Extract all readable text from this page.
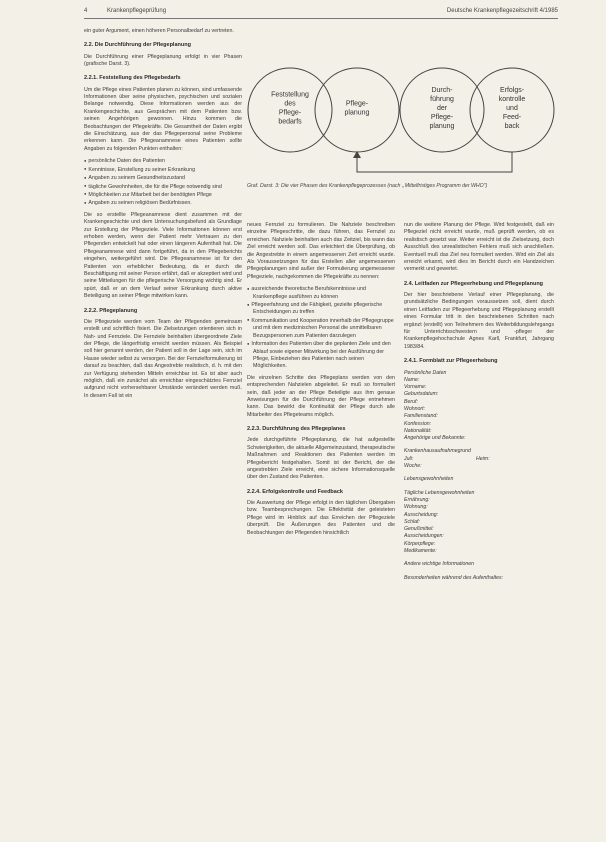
4	Krankenpflegeprüfung	Deutsche Krankenpflegezeitschrift 4/1985

ein guter Argument, einen höheren Personalbedarf zu vertreten.

2.2. Die Durchführung der Pflegeplanung

Die Durchführung einer Pflegeplanung erfolgt in vier Phasen (grafische Darst. 3).

2.2.1. Feststellung des Pflegebedarfs

Um die Pflege eines Patienten planen zu können, sind umfassende Informationen über seine physischen, psychischen und sozialen Belange notwendig. Diese Informationen werden aus der Krankengeschichte, aus Gesprächen mit dem Patienten bzw. seinen Angehörigen gewonnen. Hinzu kommen die Beobachtungen der Pflegekräfte. Die Gesamtheit der Daten ergibt die Einschätzung, aus der das Pflegepersonal seine Probleme erkennen kann. Die Pflegeanamnese eines Patienten sollte Angaben zu folgenden Punkten enthalten:

● persönliche Daten des Patienten
● Kenntnisse, Einstellung zu seiner Erkrankung
● Angaben zu seinem Gesundheitszustand
● tägliche Gewohnheiten, die für die Pflege notwendig sind
● Möglichkeiten zur Mitarbeit bei der benötigten Pflege
● Angaben zu seinen religiösen Bedürfnissen.

Die so erstellte Pflegeanamnese dient zusammen mit der Krankengeschichte und dem Untersuchungsbefund als Grundlage zur Erstellung der Pflegeziele. Viele Informationen können erst erhoben werden, wenn der Patient mehr Vertrauen zu den Pflegenden entwickelt hat oder einen längeren Aufenthalt hat. Die Pflegeanamnese wird dann fortgeführt, da in den Pflegeberichts eingehen, weitergeführt wird. Die Pflegeanamnese ist für den Patienten von erheblicher Bedeutung, da er durch die Beschäftigung mit seiner Person erfährt, daß er akzeptiert wird und seine Mitteilungen für die pflegerische Versorgung wichtig sind. Er spürt, daß er an dem Verlauf seiner Erkrankung durch aktive Beteiligung an seiner Pflege mitwirken kann.

2.2.2. Pflegeplanung

Die Pflegeziele werden vom Team der Pflegenden gemeinsam erstellt und schriftlich fixiert. Die Zielsetzungen orientieren sich in Nah- und Fernziele. Die Fernziele beinhalten übergeordnete Ziele der Pflege, die längerfristig erreicht werden müssen. Als Beispiel soll hier genannt werden, der Patient soll in der Lage sein, sich im Hause wieder selbst zu versorgen. Bei der Fernzielformulierung ist darauf zu beachten, daß das Angestrebte realistisch, d. h. mit den zur Verfügung stehenden Mitteln erreichbar ist. Es ist aber auch möglich, daß ein zunächst als erreichbar eingeschätztes Fernziel aufgrund nicht vorhersehbarer Umstände verändert werden muß. In diesem Fall ist ein

Feststellung des Pflege-bedarfs
Pflege-planung
Durch-führung der Pflege-planung
Erfolgs-kontrolle und Feed-back
Graf. Darst. 3: Die vier Phasen des Krankenpflegeprozesses (nach ,,Mittelfristiges Programm der WHO")

neues Fernziel zu formulieren. Die Nahziele beschreiben einzelne Pflegeschritte, die dazu führen, das Fernziel zu erreichen. Nahziele beinhalten auch das Zeitziel, bis wann das Ziel erreicht werden soll. Das erleichtert die Überprüfung, ob die Angestrebte in einem angemessenen Zeit erreicht wurde. Als Voraussetzungen für das Erstellen aller angemessenen Pflegeplanungen sind außer der Formulierung angemessener Pflegeziele, nachgekommen die Pflegekräfte zu nennen:

● ausreichende theoretische Berufskenntnisse und Krankenpflege ausführen zu können
● Pflegeerfahrung und die Fähigkeit, gezielte pflegerische Entscheidungen zu treffen
● Kommunikation und Kooperation innerhalb der Pflegegruppe und mit dem medizinischen Personal die unmittelbaren Bezugspersonen zum Patienten darzulegen
● Information des Patienten über die geplanten Ziele und den Ablauf sowie eigener Mitwirkung bei der Ausführung der Pflege, Einbeziehen des Patienten nach seinen Möglichkeiten.

Die einzelnen Schritte des Pflegeplans werden von den entsprechenden Nahzielen abgeleitet. Er muß so formuliert sein, daß jeder an der Pflege Beteiligte aus ihm genaue Anweisungen für die Durchführung der Pflege entnehmen kann. Das bewirkt die Kontinuität der Pflege durch alle Mitarbeiter des Pflegeteams möglich.

2.2.3. Durchführung des Pflegeplanes

Jede durchgeführte Pflegeplanung, die hat aufgestellte Schwierigkeiten, die aktuelle Allgemeinzustand, therapeutische Maßnahmen und Reaktionen des Patienten werden im Pflegebericht festgehalten. Somit ist der Bericht, der die angestrebten Ziele erreicht, eine sichere Informationsquelle über den Zustand des Patienten.

2.2.4. Erfolgskontrolle und Feedback

Die Auswertung der Pflege erfolgt in den täglichen Übergaben bzw. Teambesprechungen. Die Effektivität der geleisteten Pflege wird im Hinblick auf das Erreichen der Pflegeziele überprüft. Die Äußerungen des Patienten und die Beobachtungen der Pflegenden hinsichtlich

nun die weitere Planung der Pflege. Wird festgestellt, daß ein Pflegeziel nicht erreicht wurde, muß geprüft werden, ob es realistisch gesetzt war. Weiter erreicht ist die Zielsetzung, doch Ausschluß des unrealistischen Fehlers muß sich anschließen. Eventuell muß das Ziel neu formuliert werden. Wird ein Ziel als erreicht erkannt, wird dies im Bericht durch ein Handzeichen vermerkt und gewertet.

2.4. Leitfaden zur Pflegeerhebung und Pflegeplanung

Der hier beschriebene Verlauf einer Pflegeplanung, die grundsätzliche Bedingungen voraussetzen soll, dient durch einen Leitfaden zur Pflegeerhebung und Pflegeplanung erstellt eines Formular tritt in den beschriebenen Schritten nach ergänzt (erstellt) von Teilnehmern des Weiterbildungslehrgangs für Unterrichtsschwestern und -pfleger der Krankenpflegehochschule Agnes Karll, Frankfurt, Jahrgang 1983/84.

2.4.1. Formblatt zur Pflegeerhebung
Persönliche Daten
Name:
Vorname:
Geburtsdatum:
Beruf:
Wohnort:
Familienstand:
Konfession:
Nationalität:
Angehörige und Bekannte:
Krankenhausaufnahmegrund
Juli:	Heim:
Woche:
Lebensgewohnheiten
Tägliche Lebensgewohnheiten
Ernährung:
Wohnung:
Ausscheidung:
Schlaf:
Genußmittel:
Ausscheidungen:
Körperpflege:
Medikamente:
Andere wichtige Informationen
Besonderheiten während des Aufenthaltes:
